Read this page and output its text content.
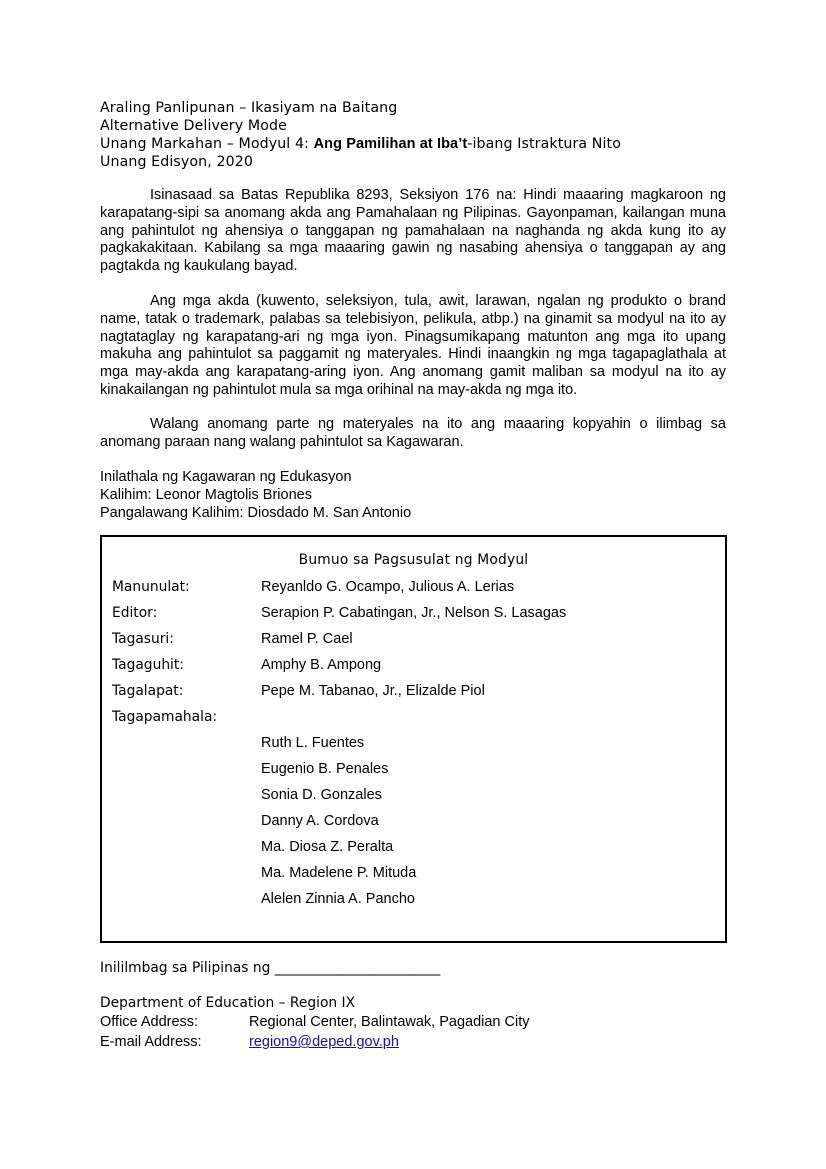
Araling Panlipunan – Ikasiyam na Baitang
Alternative Delivery Mode
Unang Markahan – Modyul 4: Ang Pamilihan at Iba’t-ibang Istraktura Nito
Unang Edisyon, 2020
Isinasaad sa Batas Republika 8293, Seksiyon 176 na: Hindi maaaring magkaroon ng karapatang-sipi sa anomang akda ang Pamahalaan ng Pilipinas. Gayonpaman, kailangan muna ang pahintulot ng ahensiya o tanggapan ng pamahalaan na naghanda ng akda kung ito ay pagkakakitaan. Kabilang sa mga maaaring gawin ng nasabing ahensiya o tanggapan ay ang pagtakda ng kaukulang bayad.
Ang mga akda (kuwento, seleksiyon, tula, awit, larawan, ngalan ng produkto o brand name, tatak o trademark, palabas sa telebisiyon, pelikula, atbp.) na ginamit sa modyul na ito ay nagtataglay ng karapatang-ari ng mga iyon. Pinagsumikapang matunton ang mga ito upang makuha ang pahintulot sa paggamit ng materyales. Hindi inaangkin ng mga tagapaglathala at mga may-akda ang karapatang-aring iyon. Ang anomang gamit maliban sa modyul na ito ay kinakailangan ng pahintulot mula sa mga orihinal na may-akda ng mga ito.
Walang anomang parte ng materyales na ito ang maaaring kopyahin o ilimbag sa anomang paraan nang walang pahintulot sa Kagawaran.
Inilathala ng Kagawaran ng Edukasyon
Kalihim: Leonor Magtolis Briones
Pangalawang Kalihim: Diosdado M. San Antonio
Bumuo sa Pagsusulat ng Modyul
Manunulat:	Reyanldo G. Ocampo, Julious A. Lerias
Editor:	Serapion P. Cabatingan, Jr., Nelson S. Lasagas
Tagasuri:	Ramel P. Cael
Tagaguhit:	Amphy B. Ampong
Tagalapat:	Pepe M. Tabanao, Jr., Elizalde Piol
Tagapamahala:
Ruth L. Fuentes
Eugenio B. Penales
Sonia D. Gonzales
Danny A. Cordova
Ma. Diosa Z. Peralta
Ma. Madelene P. Mituda
Alelen Zinnia A. Pancho
Inililmbag sa Pilipinas ng ________________________
Department of Education – Region IX
Office Address:	Regional Center, Balintawak, Pagadian City
E-mail Address:	region9@deped.gov.ph
